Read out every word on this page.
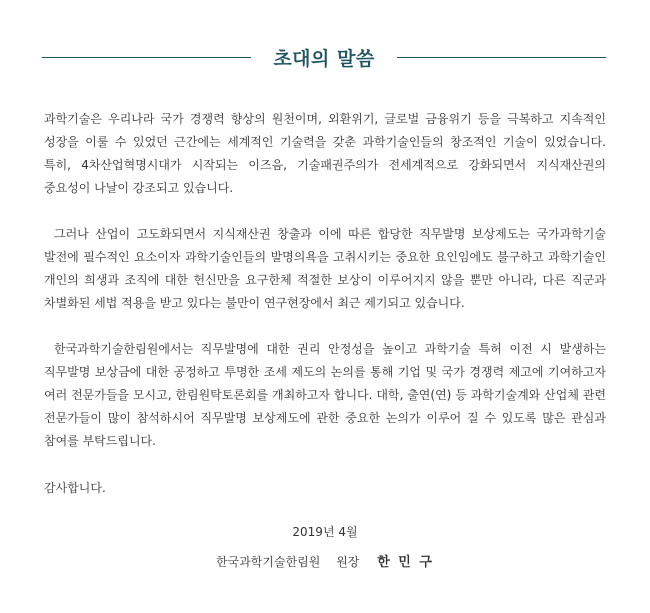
초대의 말씀

과학기술은 우리나라 국가 경쟁력 향상의 원천이며, 외환위기, 글로벌 금융위기 등을 극복하고 지속적인 성장을 이룰 수 있었던 근간에는 세계적인 기술력을 갖춘 과학기술인들의 창조적인 기술이 있었습니다. 특히, 4차산업혁명시대가 시작되는 이즈음, 기술패권주의가 전세계적으로 강화되면서 지식재산권의 중요성이 나날이 강조되고 있습니다.

그러나 산업이 고도화되면서 지식재산권 창출과 이에 따른 합당한 직무발명 보상제도는 국가과학기술 발전에 필수적인 요소이자 과학기술인들의 발명의욕을 고취시키는 중요한 요인임에도 불구하고 과학기술인 개인의 희생과 조직에 대한 헌신만을 요구한체 적절한 보상이 이루어지지 않을 뿐만 아니라, 다른 직군과 차별화된 세법 적용을 받고 있다는 불만이 연구현장에서 최근 제기되고 있습니다.

한국과학기술한림원에서는 직무발명에 대한 권리 안정성을 높이고 과학기술 특허 이전 시 발생하는 직무발명 보상금에 대한 공정하고 투명한 조세 제도의 논의를 통해 기업 및 국가 경쟁력 제고에 기여하고자 여러 전문가들을 모시고, 한림원탁토론회를 개최하고자 합니다. 대학, 출연(연) 등 과학기술계와 산업체 관련 전문가들이 많이 참석하시어 직무발명 보상제도에 관한 중요한 논의가 이루어 질 수 있도록 많은 관심과 참여를 부탁드립니다.

감사합니다.
2019년 4월
한국과학기술한림원 원장 한 민 구
